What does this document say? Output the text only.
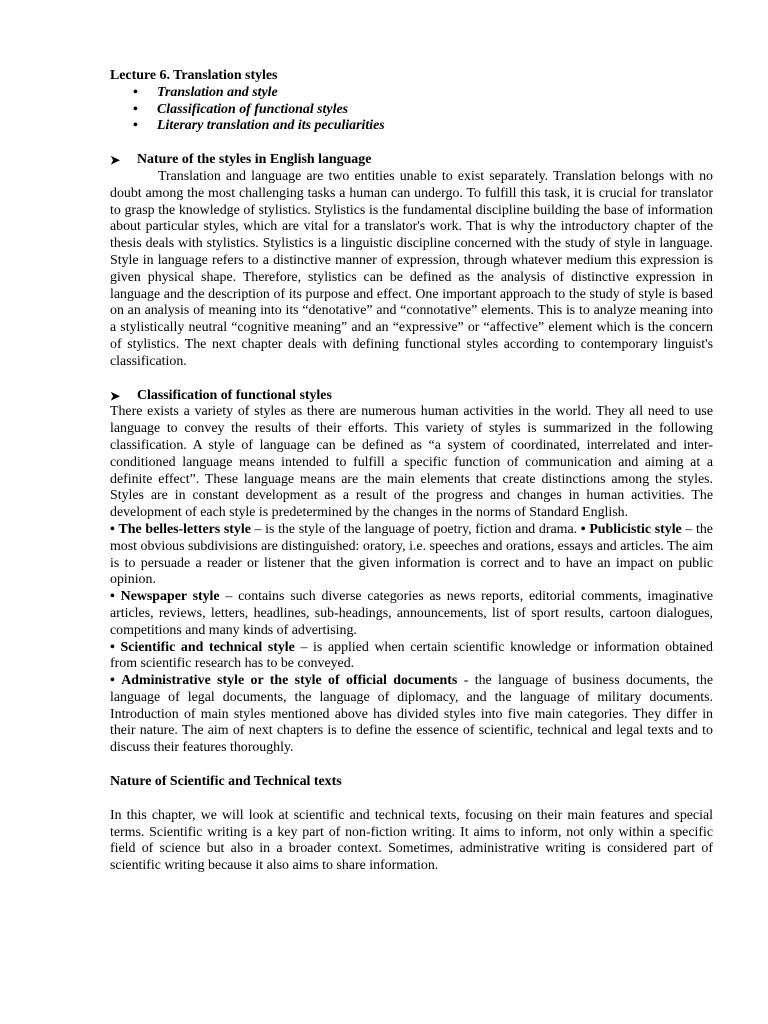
Lecture 6. Translation styles
• Translation and style
• Classification of functional styles
• Literary translation and its peculiarities
➤ Nature of the styles in English language

Translation and language are two entities unable to exist separately. Translation belongs with no doubt among the most challenging tasks a human can undergo. To fulfill this task, it is crucial for translator to grasp the knowledge of stylistics. Stylistics is the fundamental discipline building the base of information about particular styles, which are vital for a translator's work. That is why the introductory chapter of the thesis deals with stylistics. Stylistics is a linguistic discipline concerned with the study of style in language. Style in language refers to a distinctive manner of expression, through whatever medium this expression is given physical shape. Therefore, stylistics can be defined as the analysis of distinctive expression in language and the description of its purpose and effect. One important approach to the study of style is based on an analysis of meaning into its “denotative” and “connotative” elements. This is to analyze meaning into a stylistically neutral “cognitive meaning” and an “expressive” or “affective” element which is the concern of stylistics. The next chapter deals with defining functional styles according to contemporary linguist's classification.

➤ Classification of functional styles

There exists a variety of styles as there are numerous human activities in the world. They all need to use language to convey the results of their efforts. This variety of styles is summarized in the following classification. A style of language can be defined as “a system of coordinated, interrelated and inter-conditioned language means intended to fulfill a specific function of communication and aiming at a definite effect”. These language means are the main elements that create distinctions among the styles. Styles are in constant development as a result of the progress and changes in human activities. The development of each style is predetermined by the changes in the norms of Standard English.

• The belles-letters style – is the style of the language of poetry, fiction and drama. • Publicistic style – the most obvious subdivisions are distinguished: oratory, i.e. speeches and orations, essays and articles. The aim is to persuade a reader or listener that the given information is correct and to have an impact on public opinion.

• Newspaper style – contains such diverse categories as news reports, editorial comments, imaginative articles, reviews, letters, headlines, sub-headings, announcements, list of sport results, cartoon dialogues, competitions and many kinds of advertising.

• Scientific and technical style – is applied when certain scientific knowledge or information obtained from scientific research has to be conveyed.

• Administrative style or the style of official documents - the language of business documents, the language of legal documents, the language of diplomacy, and the language of military documents. Introduction of main styles mentioned above has divided styles into five main categories. They differ in their nature. The aim of next chapters is to define the essence of scientific, technical and legal texts and to discuss their features thoroughly.

Nature of Scientific and Technical texts

In this chapter, we will look at scientific and technical texts, focusing on their main features and special terms. Scientific writing is a key part of non-fiction writing. It aims to inform, not only within a specific field of science but also in a broader context. Sometimes, administrative writing is considered part of scientific writing because it also aims to share information.
